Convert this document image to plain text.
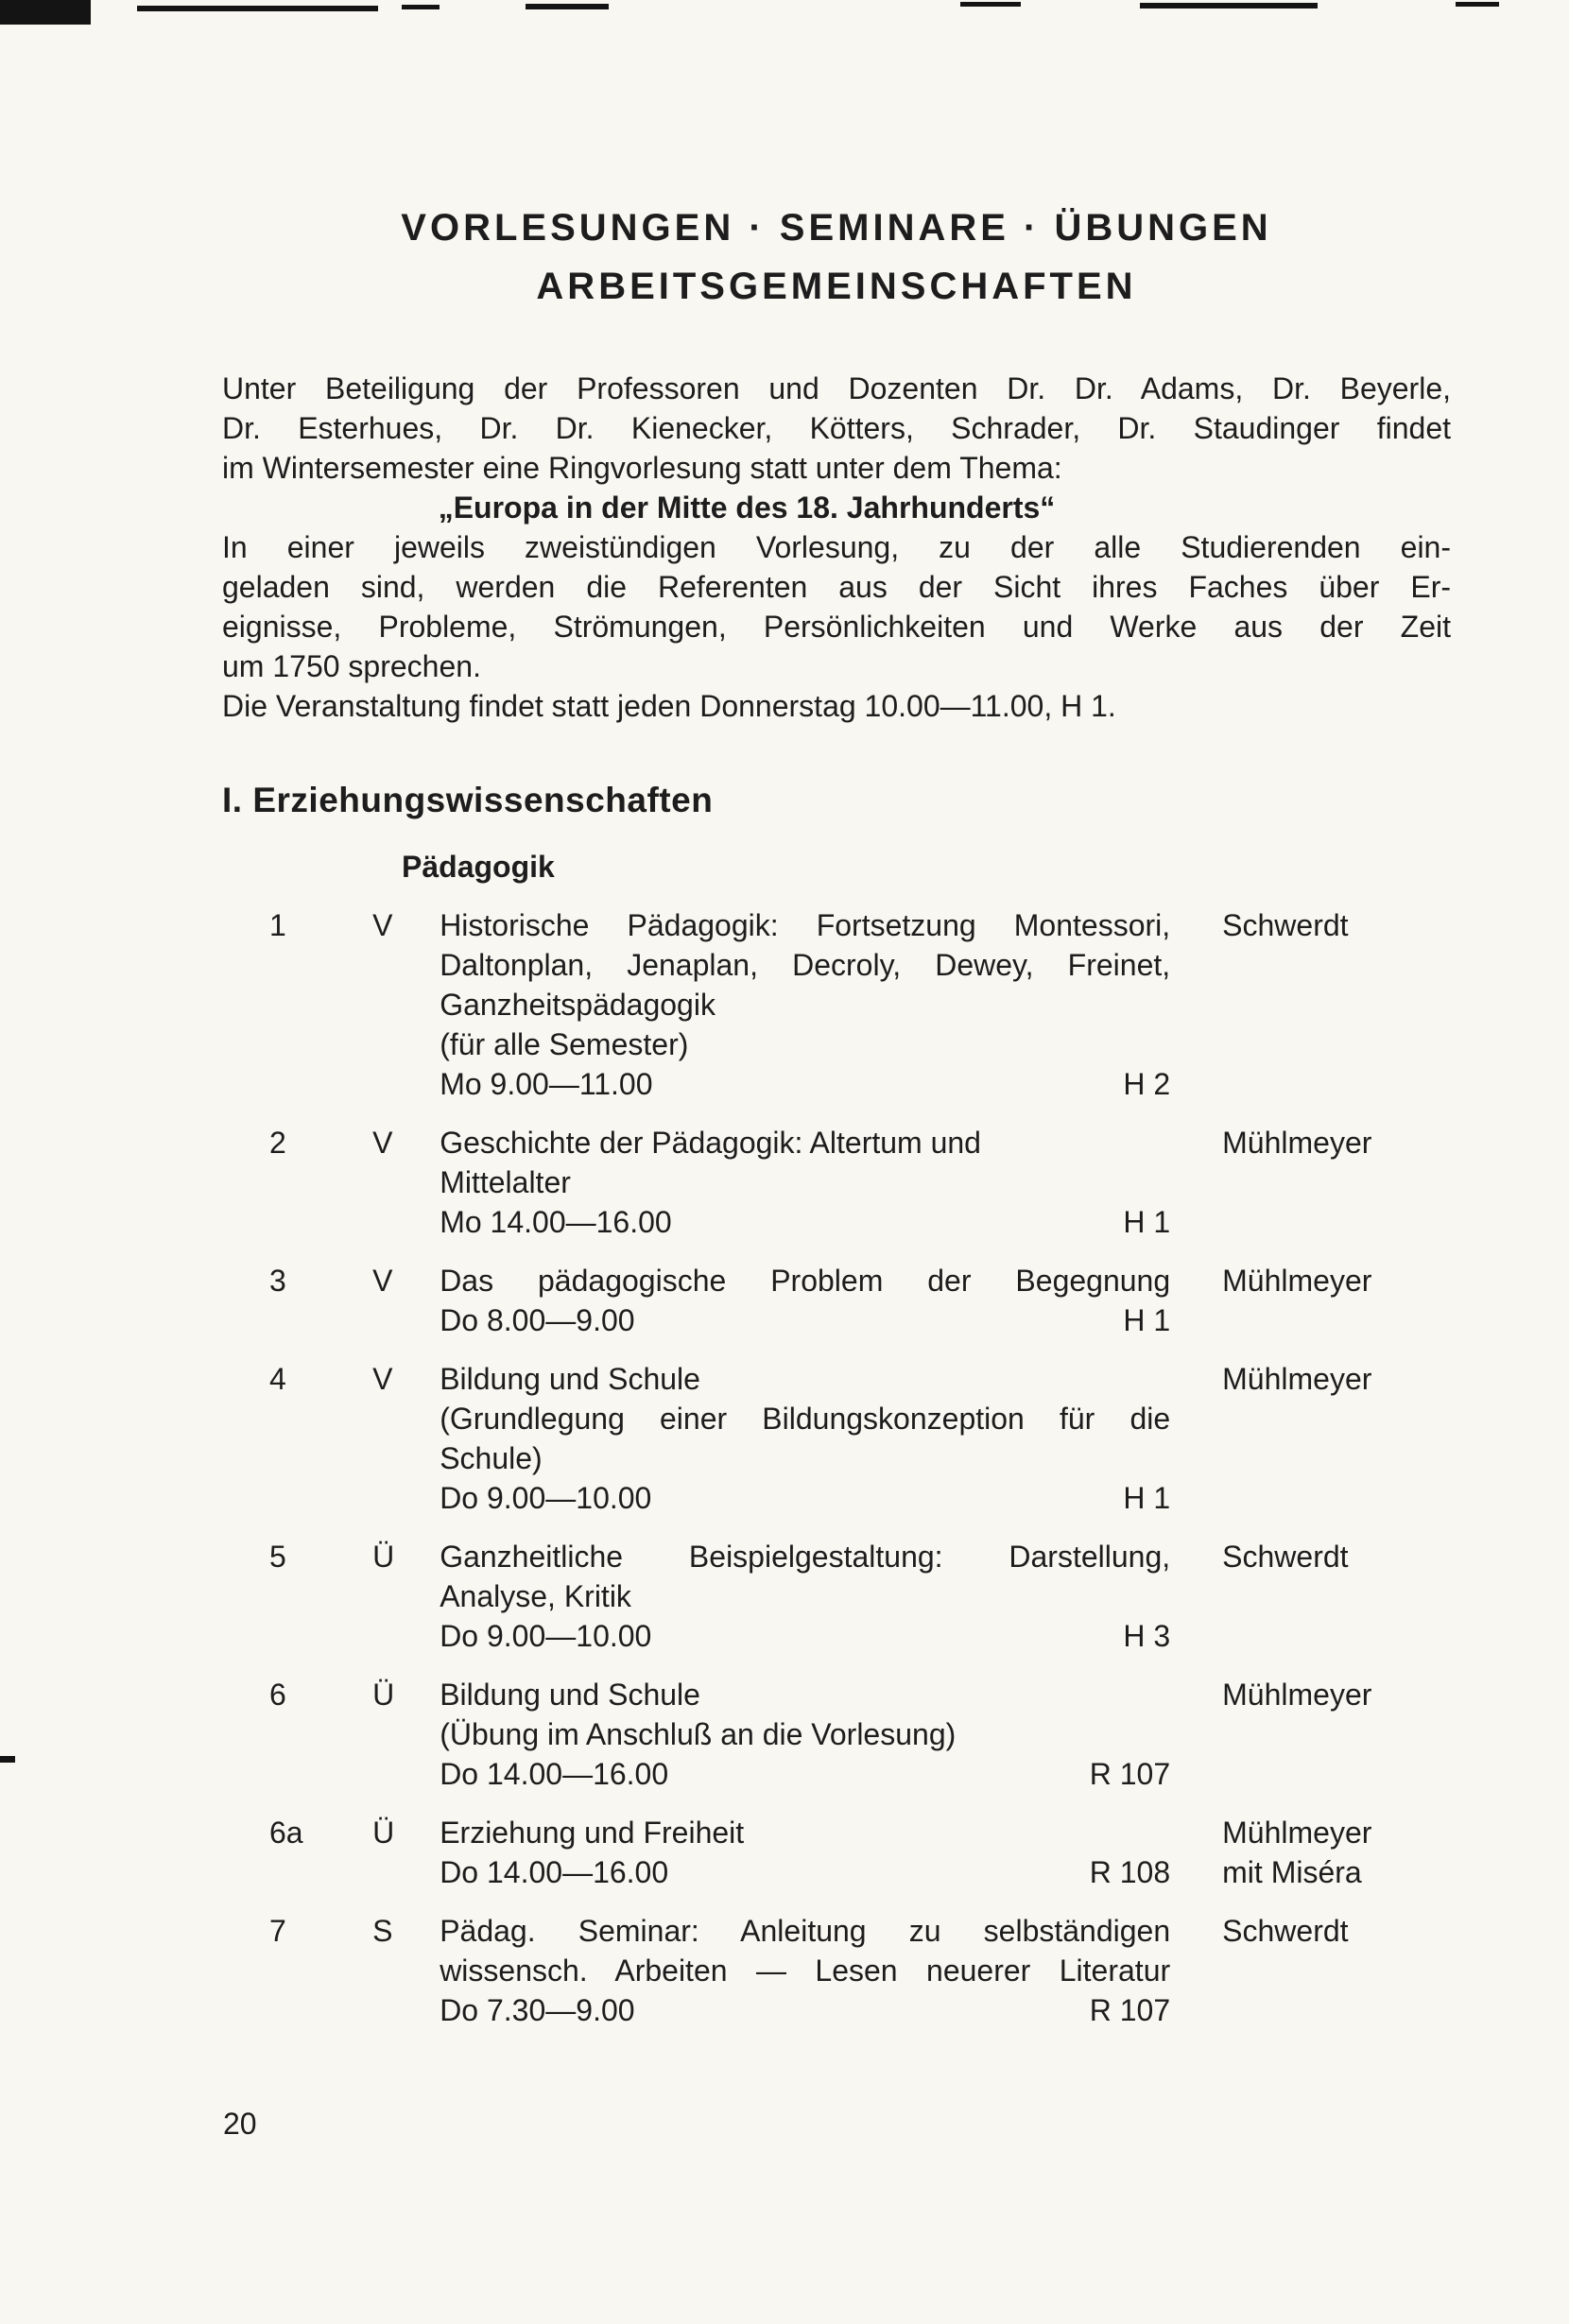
VORLESUNGEN · SEMINARE · ÜBUNGEN
ARBEITSGEMEINSCHAFTEN
Unter Beteiligung der Professoren und Dozenten Dr. Dr. Adams, Dr. Beyerle,
Dr. Esterhues, Dr. Dr. Kienecker, Kötters, Schrader, Dr. Staudinger findet
im Wintersemester eine Ringvorlesung statt unter dem Thema:
„Europa in der Mitte des 18. Jahrhunderts“
In einer jeweils zweistündigen Vorlesung, zu der alle Studierenden ein-
geladen sind, werden die Referenten aus der Sicht ihres Faches über Er-
eignisse, Probleme, Strömungen, Persönlichkeiten und Werke aus der Zeit
um 1750 sprechen.
Die Veranstaltung findet statt jeden Donnerstag 10.00—11.00, H 1.
I. Erziehungswissenschaften
Pädagogik
1	V	Historische Pädagogik: Fortsetzung Montessori,
Daltonplan, Jenaplan, Decroly, Dewey, Freinet,
Ganzheitspädagogik
(für alle Semester)
Mo 9.00—11.00	H 2
Schwerdt
2	V	Geschichte der Pädagogik: Altertum und
Mittelalter
Mo 14.00—16.00	H 1
Mühlmeyer
3	V	Das pädagogische Problem der Begegnung
Do 8.00—9.00	H 1
Mühlmeyer
4	V	Bildung und Schule
(Grundlegung einer Bildungskonzeption für die
Schule)
Do 9.00—10.00	H 1
Mühlmeyer
5	Ü	Ganzheitliche Beispielgestaltung: Darstellung,
Analyse, Kritik
Do 9.00—10.00	H 3
Schwerdt
6	Ü	Bildung und Schule
(Übung im Anschluß an die Vorlesung)
Do 14.00—16.00	R 107
Mühlmeyer
6a	Ü	Erziehung und Freiheit
Do 14.00—16.00	R 108
Mühlmeyer
mit Miséra
7	S	Pädag. Seminar: Anleitung zu selbständigen
wissensch. Arbeiten — Lesen neuerer Literatur
Do 7.30—9.00	R 107
Schwerdt
20
